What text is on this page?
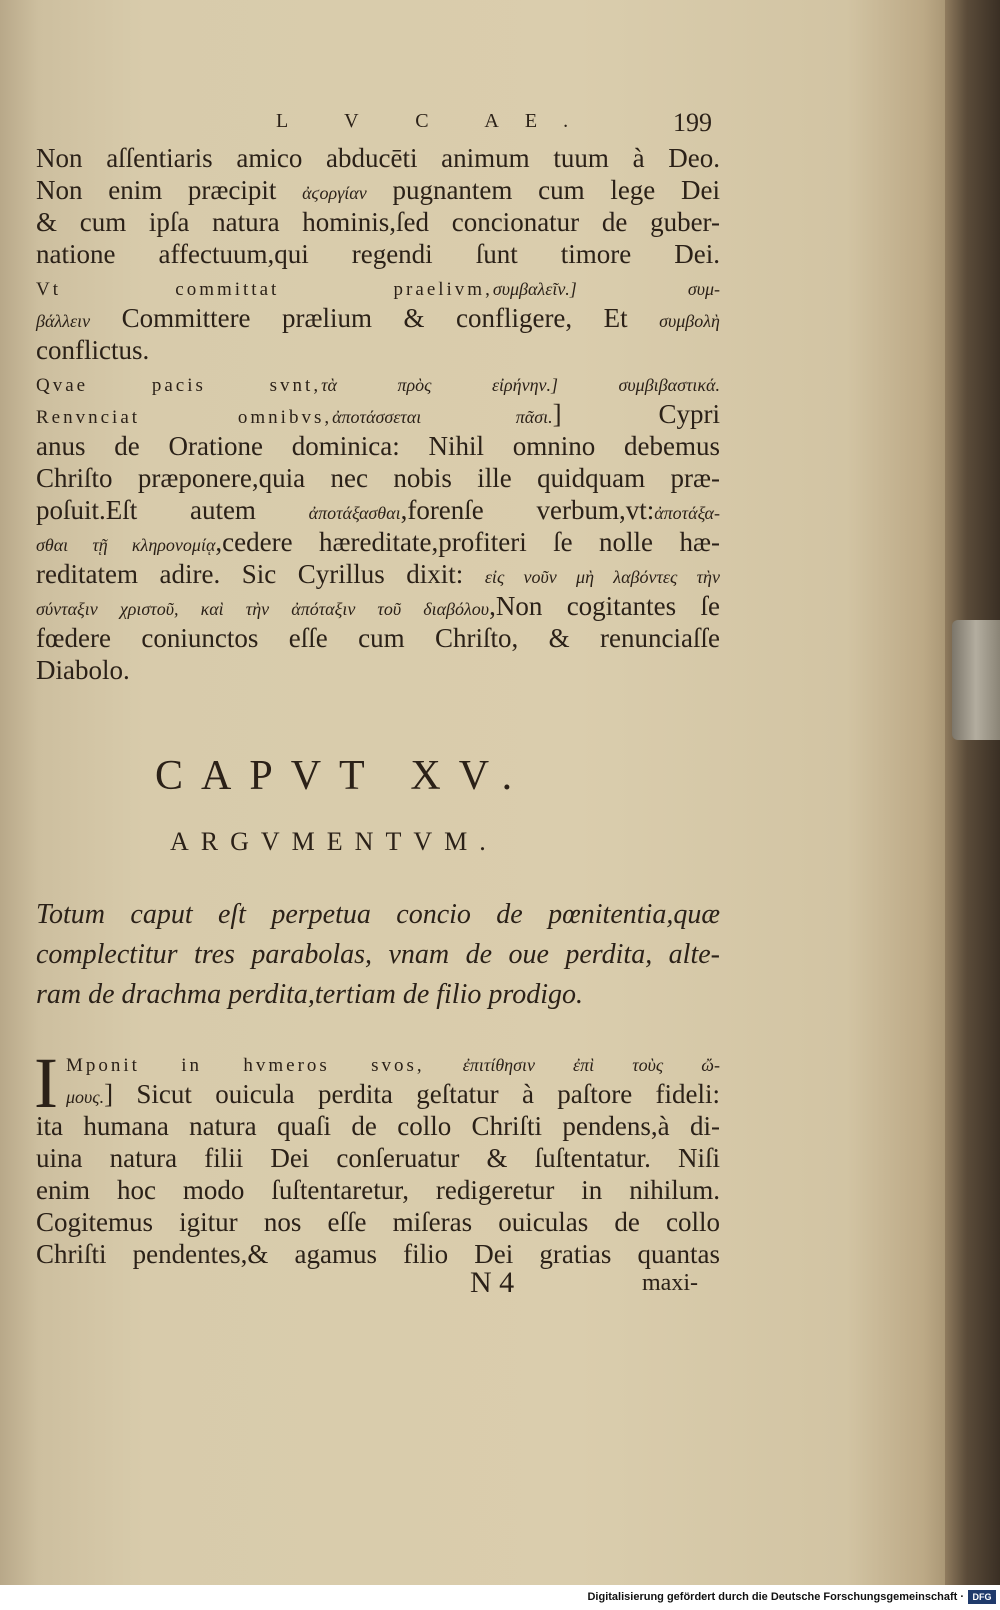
L V C AE.	199
Non aſſentiaris amico abducēti animum tuum à Deo.
Non enim præcipit ἀϛοργίαν pugnantem cum lege Dei
& cum ipſa natura hominis,ſed concionatur de guber-
natione affectuum,qui regendi ſunt timore Dei.
Vt committat praelivm,συμβαλεῖν.] συμ-
βάλλειν Committere prælium & confligere, Et συμβολὴ
conflictus.
Qvae pacis svnt,τὰ πρὸς εἰρήνην.] συμβιβαστικά.
Renvnciat omnibvs,ἀποτάσσεται πᾶσι.] Cypri
anus de Oratione dominica: Nihil omnino debemus
Chriſto præponere,quia nec nobis ille quidquam præ-
poſuit.Eſt autem ἀποτάξασθαι,forenſe verbum,vt:ἀποτάξα-
σθαι τῇ κληρονομίᾳ,cedere hæreditate,profiteri ſe nolle hæ-
reditatem adire. Sic Cyrillus dixit: εἰς νοῦν μὴ λαβόντες τὴν
σύνταξιν χριστοῦ, καὶ τὴν ἀπόταξιν τοῦ διαβόλου,Non cogitantes ſe
fœdere coniunctos eſſe cum Chriſto, & renunciaſſe
Diabolo.
CAPVT XV.
ARGVMENTVM.
Totum caput eſt perpetua concio de pœnitentia,quæ
complectitur tres parabolas, vnam de oue perdita, alte-
ram de drachma perdita,tertiam de filio prodigo.
I Mponit in hvmeros svos, ἐπιτίθησιν ἐπὶ τοὺς ὤ-
μους.] Sicut ouicula perdita geſtatur à paſtore fideli:
ita humana natura quaſi de collo Chriſti pendens,à di-
uina natura filii Dei conſeruatur & ſuſtentatur. Niſi
enim hoc modo ſuſtentaretur, redigeretur in nihilum.
Cogitemus igitur nos eſſe miſeras ouiculas de collo
Chriſti pendentes,& agamus filio Dei gratias quantas
N 4	maxi-
Digitalisierung gefördert durch die Deutsche Forschungsgemeinschaft · DFG
